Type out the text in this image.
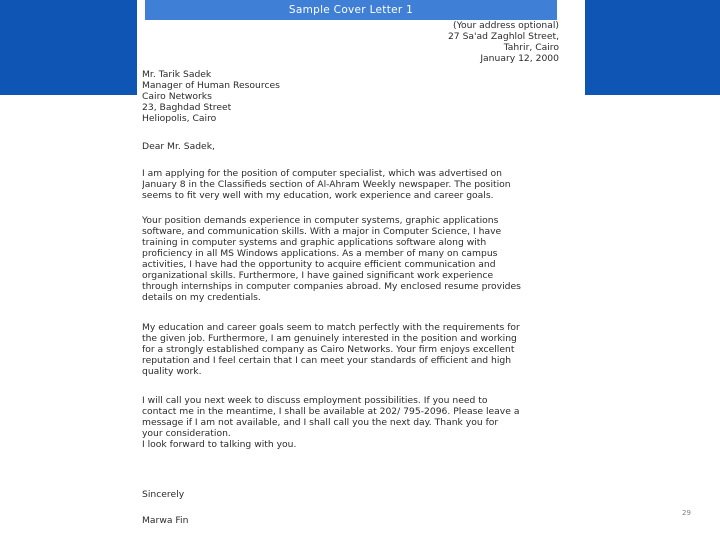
Sample Cover Letter 1
(Your address optional)
27 Sa'ad Zaghlol Street,
Tahrir, Cairo
January 12, 2000
Mr. Tarik Sadek
Manager of Human Resources
Cairo Networks
23, Baghdad Street
Heliopolis, Cairo
Dear Mr. Sadek,
I am applying for the position of computer specialist, which was advertised on
January 8 in the Classifieds section of Al-Ahram Weekly newspaper. The position
seems to fit very well with my education, work experience and career goals.
Your position demands experience in computer systems, graphic applications
software, and communication skills. With a major in Computer Science, I have
training in computer systems and graphic applications software along with
proficiency in all MS Windows applications. As a member of many on campus
activities, I have had the opportunity to acquire efficient communication and
organizational skills. Furthermore, I have gained significant work experience
through internships in computer companies abroad. My enclosed resume provides
details on my credentials.
My education and career goals seem to match perfectly with the requirements for
the given job. Furthermore, I am genuinely interested in the position and working
for a strongly established company as Cairo Networks. Your firm enjoys excellent
reputation and I feel certain that I can meet your standards of efficient and high
quality work.
I will call you next week to discuss employment possibilities. If you need to
contact me in the meantime, I shall be available at 202/ 795-2096. Please leave a
message if I am not available, and I shall call you the next day. Thank you for
your consideration.
I look forward to talking with you.
Sincerely
Marwa Fin
29
